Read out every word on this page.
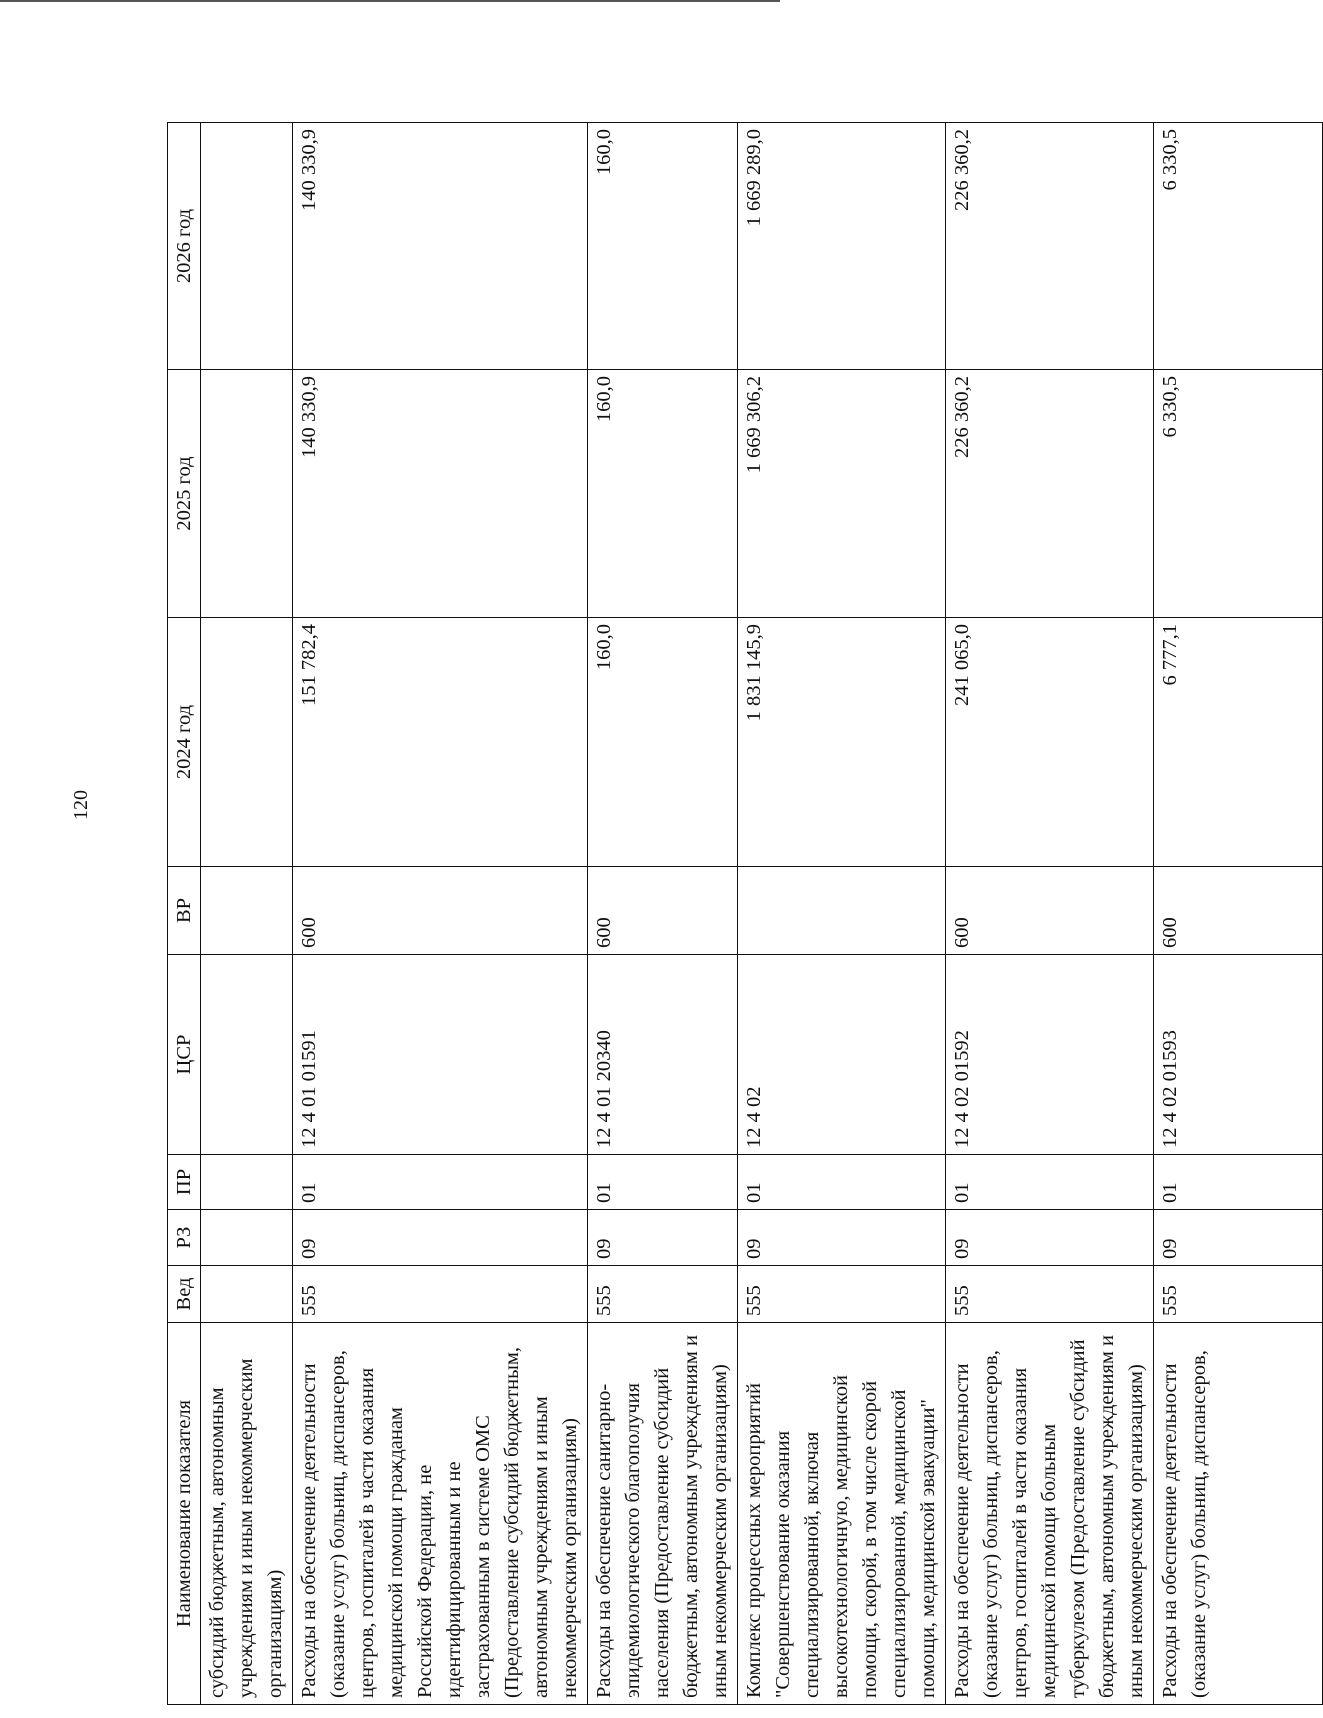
120
Наименование показателя	Вед	РЗ	ПР	ЦСР	ВР	2024 год	2025 год	2026 год
субсидий бюджетным, автономным учреждениям и иным некоммерческим организациям)								
Расходы на обеспечение деятельности (оказание услуг) больниц, диспансеров, центров, госпиталей в части оказания медицинской помощи гражданам Российской Федерации, не идентифицированным и не застрахованным в системе ОМС (Предоставление субсидий бюджетным, автономным учреждениям и иным некоммерческим организациям)	555	09	01	12 4 01 01591	600	151 782,4	140 330,9	140 330,9
Расходы на обеспечение санитарно-эпидемиологического благополучия населения (Предоставление субсидий бюджетным, автономным учреждениям и иным некоммерческим организациям)	555	09	01	12 4 01 20340	600	160,0	160,0	160,0
Комплекс процессных мероприятий "Совершенствование оказания специализированной, включая высокотехнологичную, медицинской помощи, скорой, в том числе скорой специализированной, медицинской помощи, медицинской эвакуации"	555	09	01	12 4 02		1 831 145,9	1 669 306,2	1 669 289,0
Расходы на обеспечение деятельности (оказание услуг) больниц, диспансеров, центров, госпиталей в части оказания медицинской помощи больным туберкулезом (Предоставление субсидий бюджетным, автономным учреждениям и иным некоммерческим организациям)	555	09	01	12 4 02 01592	600	241 065,0	226 360,2	226 360,2
Расходы на обеспечение деятельности (оказание услуг) больниц, диспансеров,	555	09	01	12 4 02 01593	600	6 777,1	6 330,5	6 330,5
